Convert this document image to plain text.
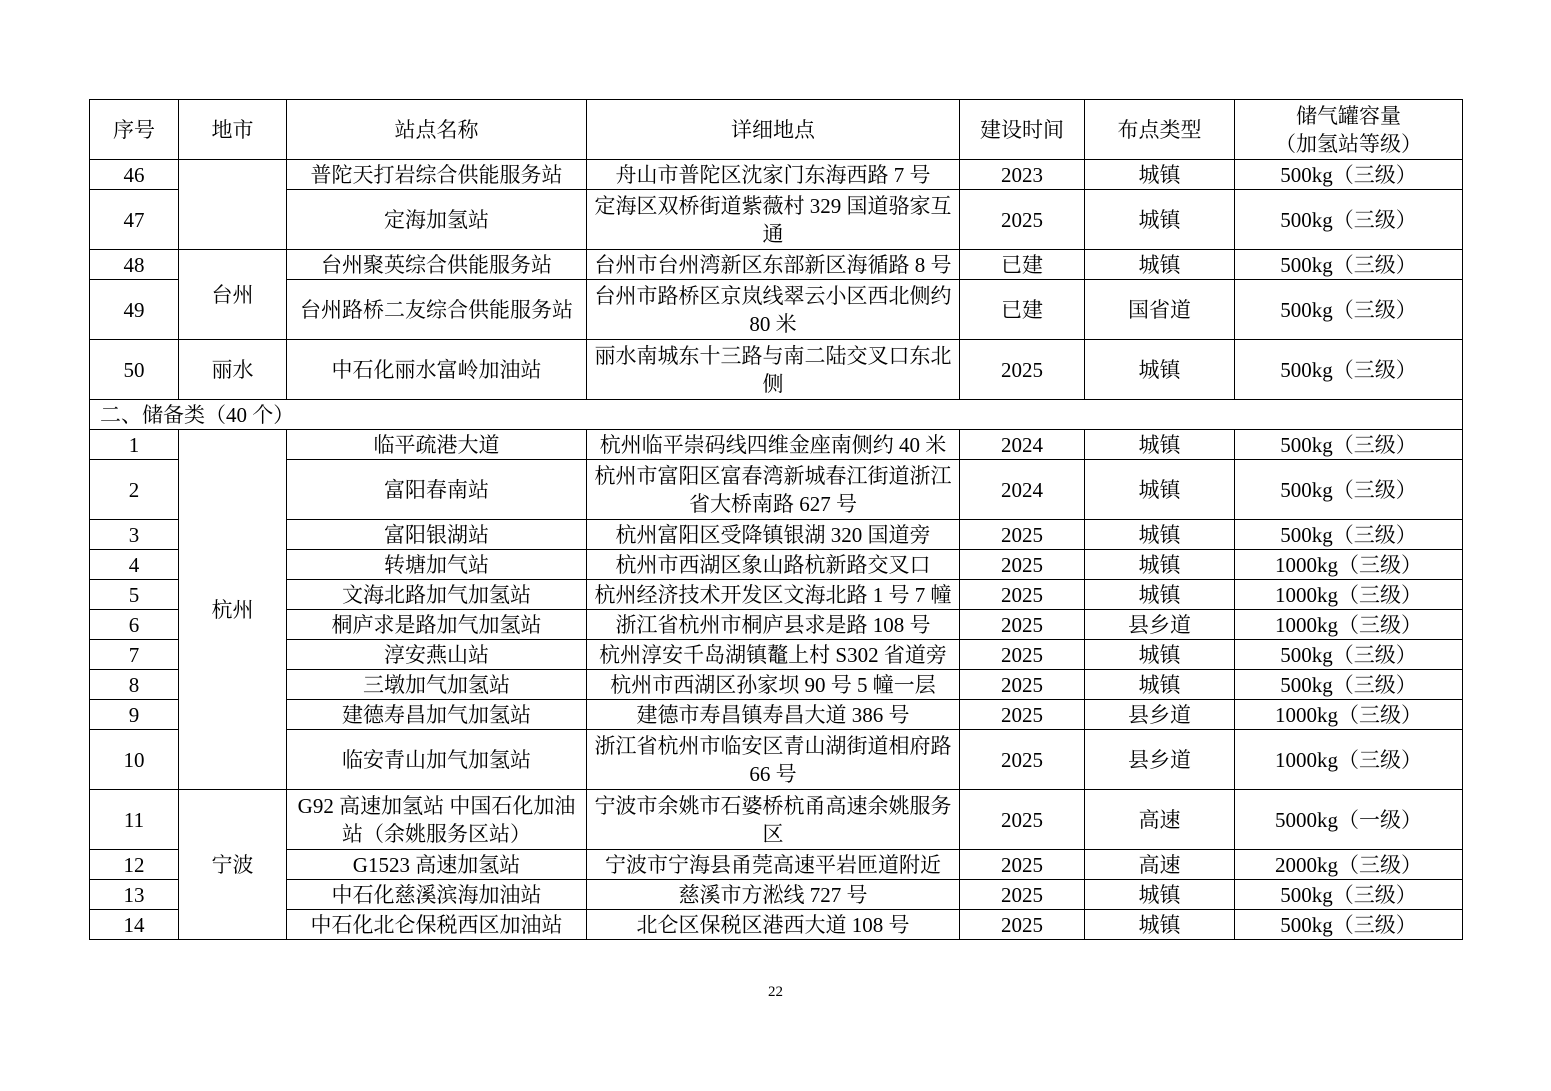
序号	地市	站点名称	详细地点	建设时间	布点类型	储气罐容量
（加氢站等级）

46		普陀天打岩综合供能服务站	舟山市普陀区沈家门东海西路 7 号	2023	城镇	500kg（三级）
47		定海加氢站	定海区双桥街道紫薇村 329 国道骆家互通	2025	城镇	500kg（三级）
48	台州	台州聚英综合供能服务站	台州市台州湾新区东部新区海循路 8 号	已建	城镇	500kg（三级）
49		台州路桥二友综合供能服务站	台州市路桥区京岚线翠云小区西北侧约 80 米	已建	国省道	500kg（三级）
50	丽水	中石化丽水富岭加油站	丽水南城东十三路与南二陆交叉口东北侧	2025	城镇	500kg（三级）
二、储备类（40 个）						
1	杭州	临平疏港大道	杭州临平崇码线四维金座南侧约 40 米	2024	城镇	500kg（三级）
2		富阳春南站	杭州市富阳区富春湾新城春江街道浙江省大桥南路 627 号	2024	城镇	500kg（三级）
3		富阳银湖站	杭州富阳区受降镇银湖 320 国道旁	2025	城镇	500kg（三级）
4		转塘加气站	杭州市西湖区象山路杭新路交叉口	2025	城镇	1000kg（三级）
5		文海北路加气加氢站	杭州经济技术开发区文海北路 1 号 7 幢	2025	城镇	1000kg（三级）
6		桐庐求是路加气加氢站	浙江省杭州市桐庐县求是路 108 号	2025	县乡道	1000kg（三级）
7		淳安燕山站	杭州淳安千岛湖镇鼇上村 S302 省道旁	2025	城镇	500kg（三级）
8		三墩加气加氢站	杭州市西湖区孙家坝 90 号 5 幢一层	2025	城镇	500kg（三级）
9		建德寿昌加气加氢站	建德市寿昌镇寿昌大道 386 号	2025	县乡道	1000kg（三级）
10		临安青山加气加氢站	浙江省杭州市临安区青山湖街道相府路 66 号	2025	县乡道	1000kg（三级）
11	宁波	G92 高速加氢站 中国石化加油站（余姚服务区站）	宁波市余姚市石婆桥杭甬高速余姚服务区	2025	高速	5000kg（一级）
12		G1523 高速加氢站	宁波市宁海县甬莞高速平岩匝道附近	2025	高速	2000kg（三级）
13		中石化慈溪滨海加油站	慈溪市方淞线 727 号	2025	城镇	500kg（三级）
14		中石化北仑保税西区加油站	北仑区保税区港西大道 108 号	2025	城镇	500kg（三级）
22
